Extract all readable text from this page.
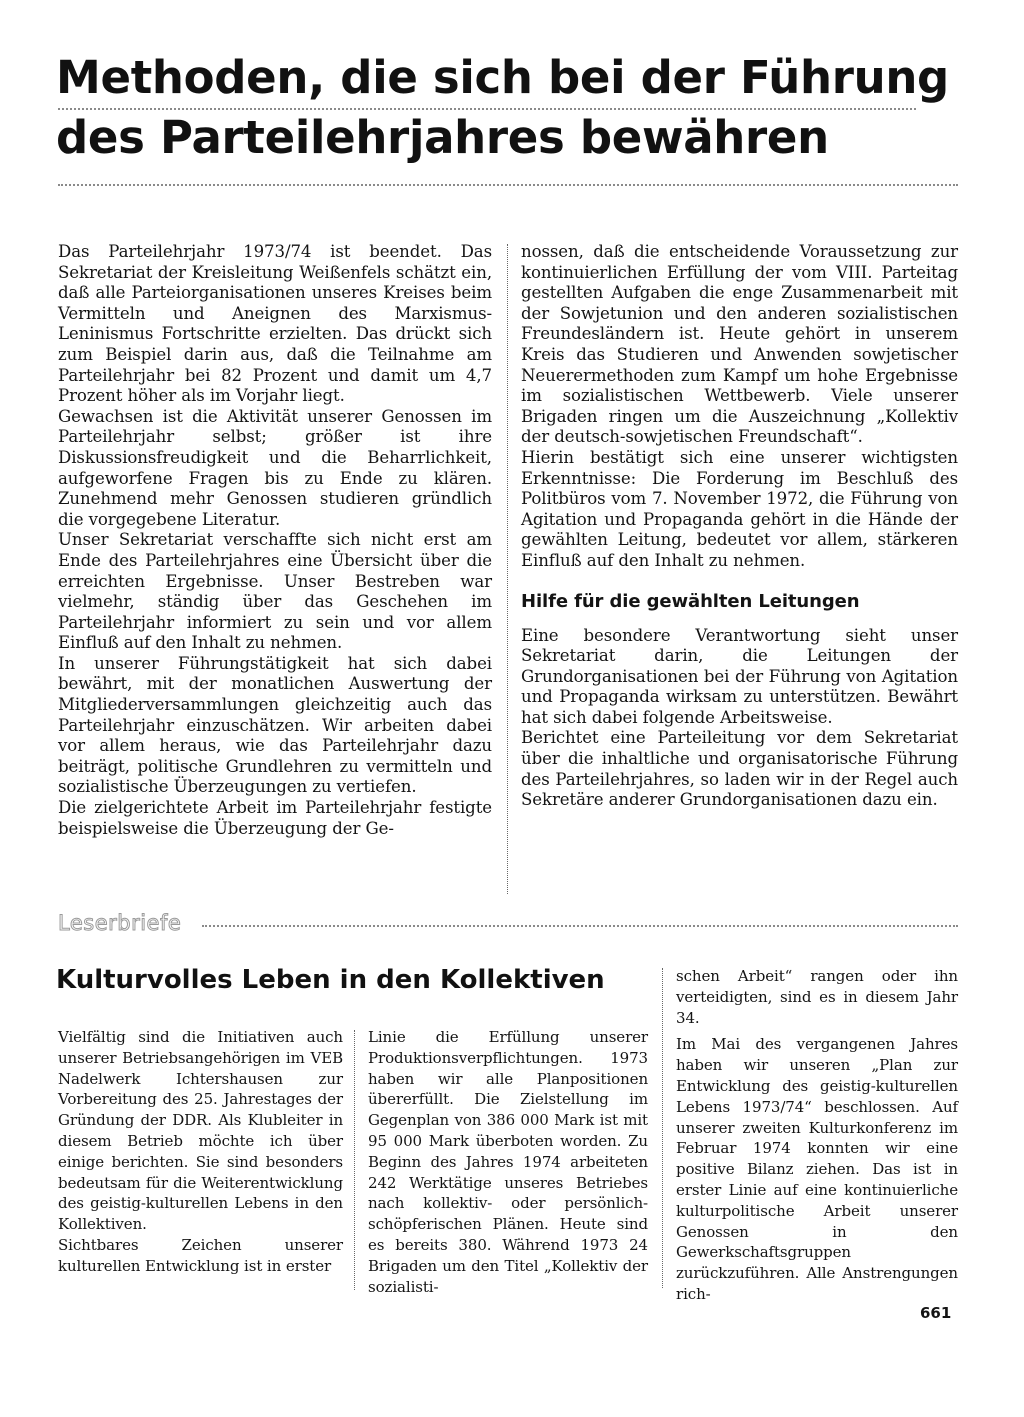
Methoden, die sich bei der Führung des Parteilehrjahres bewähren

Das Parteilehrjahr 1973/74 ist beendet. Das Sekretariat der Kreisleitung Weißenfels schätzt ein, daß alle Parteiorganisationen unseres Kreises beim Vermitteln und Aneignen des Marxismus-Leninismus Fortschritte erzielten. Das drückt sich zum Beispiel darin aus, daß die Teilnahme am Parteilehrjahr bei 82 Prozent und damit um 4,7 Prozent höher als im Vorjahr liegt.

Gewachsen ist die Aktivität unserer Genossen im Parteilehrjahr selbst; größer ist ihre Diskussionsfreudigkeit und die Beharrlichkeit, aufgeworfene Fragen bis zu Ende zu klären. Zunehmend mehr Genossen studieren gründlich die vorgegebene Literatur.

Unser Sekretariat verschaffte sich nicht erst am Ende des Parteilehrjahres eine Übersicht über die erreichten Ergebnisse. Unser Bestreben war vielmehr, ständig über das Geschehen im Parteilehrjahr informiert zu sein und vor allem Einfluß auf den Inhalt zu nehmen.

In unserer Führungstätigkeit hat sich dabei bewährt, mit der monatlichen Auswertung der Mitgliederversammlungen gleichzeitig auch das Parteilehrjahr einzuschätzen. Wir arbeiten dabei vor allem heraus, wie das Parteilehrjahr dazu beiträgt, politische Grundlehren zu vermitteln und sozialistische Überzeugungen zu vertiefen.

Die zielgerichtete Arbeit im Parteilehrjahr festigte beispielsweise die Überzeugung der Ge-

nossen, daß die entscheidende Voraussetzung zur kontinuierlichen Erfüllung der vom VIII. Parteitag gestellten Aufgaben die enge Zusammenarbeit mit der Sowjetunion und den anderen sozialistischen Freundesländern ist. Heute gehört in unserem Kreis das Studieren und Anwenden sowjetischer Neuerermethoden zum Kampf um hohe Ergebnisse im sozialistischen Wettbewerb. Viele unserer Brigaden ringen um die Auszeichnung „Kollektiv der deutsch-sowjetischen Freundschaft“.

Hierin bestätigt sich eine unserer wichtigsten Erkenntnisse: Die Forderung im Beschluß des Politbüros vom 7. November 1972, die Führung von Agitation und Propaganda gehört in die Hände der gewählten Leitung, bedeutet vor allem, stärkeren Einfluß auf den Inhalt zu nehmen.

Hilfe für die gewählten Leitungen

Eine besondere Verantwortung sieht unser Sekretariat darin, die Leitungen der Grundorganisationen bei der Führung von Agitation und Propaganda wirksam zu unterstützen. Bewährt hat sich dabei folgende Arbeitsweise.

Berichtet eine Parteileitung vor dem Sekretariat über die inhaltliche und organisatorische Führung des Parteilehrjahres, so laden wir in der Regel auch Sekretäre anderer Grundorganisationen dazu ein.

Leserbriefe
Kulturvolles Leben in den Kollektiven

Vielfältig sind die Initiativen auch unserer Betriebsangehörigen im VEB Nadelwerk Ichtershausen zur Vorbereitung des 25. Jahrestages der Gründung der DDR. Als Klubleiter in diesem Betrieb möchte ich über einige berichten. Sie sind besonders bedeutsam für die Weiterentwicklung des geistig-kulturellen Lebens in den Kollektiven.

Sichtbares Zeichen unserer kulturellen Entwicklung ist in erster

Linie die Erfüllung unserer Produktionsverpflichtungen. 1973 haben wir alle Planpositionen übererfüllt. Die Zielstellung im Gegenplan von 386 000 Mark ist mit 95 000 Mark überboten worden. Zu Beginn des Jahres 1974 arbeiteten 242 Werktätige unseres Betriebes nach kollektiv- oder persönlich-schöpferischen Plänen. Heute sind es bereits 380. Während 1973 24 Brigaden um den Titel „Kollektiv der sozialisti-

schen Arbeit“ rangen oder ihn verteidigten, sind es in diesem Jahr 34.

Im Mai des vergangenen Jahres haben wir unseren „Plan zur Entwicklung des geistig-kulturellen Lebens 1973/74“ beschlossen. Auf unserer zweiten Kulturkonferenz im Februar 1974 konnten wir eine positive Bilanz ziehen. Das ist in erster Linie auf eine kontinuierliche kulturpolitische Arbeit unserer Genossen in den Gewerkschaftsgruppen zurückzuführen. Alle Anstrengungen rich-

661
